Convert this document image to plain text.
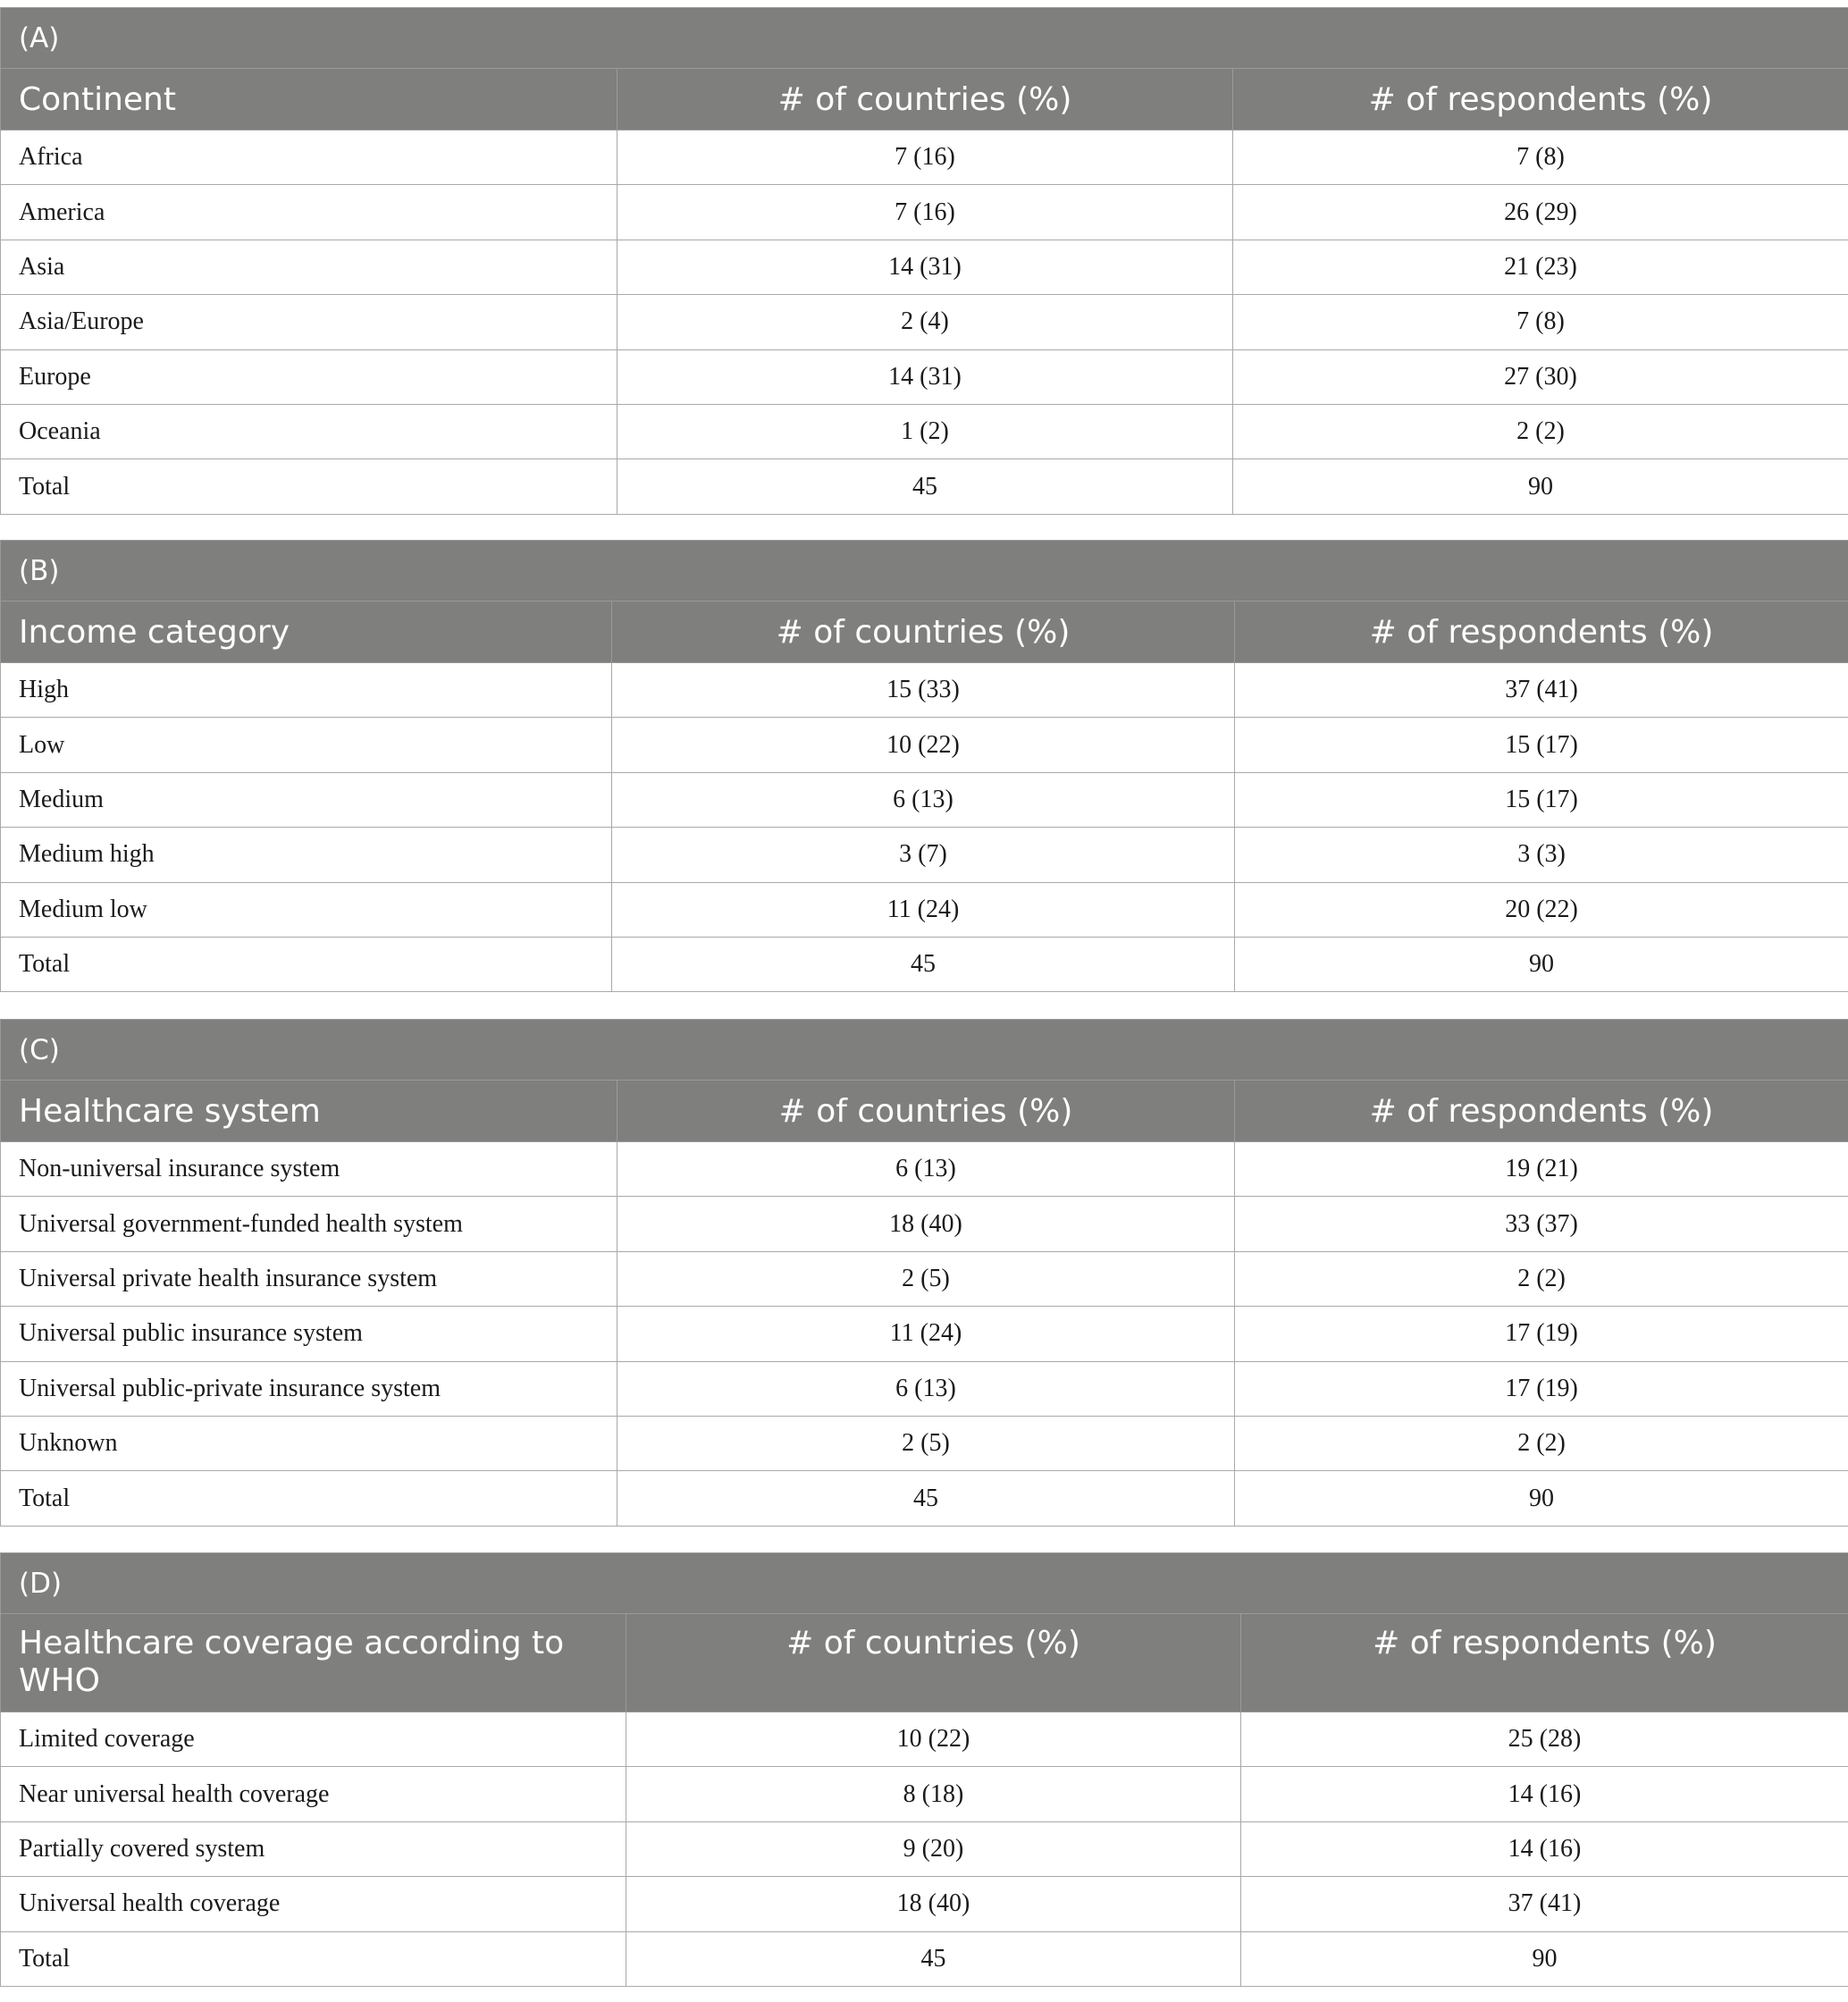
(A)		
Continent	# of countries (%)	# of respondents (%)
Africa	7 (16)	7 (8)
America	7 (16)	26 (29)
Asia	14 (31)	21 (23)
Asia/Europe	2 (4)	7 (8)
Europe	14 (31)	27 (30)
Oceania	1 (2)	2 (2)
Total	45	90
(B)		
Income category	# of countries (%)	# of respondents (%)
High	15 (33)	37 (41)
Low	10 (22)	15 (17)
Medium	6 (13)	15 (17)
Medium high	3 (7)	3 (3)
Medium low	11 (24)	20 (22)
Total	45	90
(C)		
Healthcare system	# of countries (%)	# of respondents (%)
Non-universal insurance system	6 (13)	19 (21)
Universal government-funded health system	18 (40)	33 (37)
Universal private health insurance system	2 (5)	2 (2)
Universal public insurance system	11 (24)	17 (19)
Universal public-private insurance system	6 (13)	17 (19)
Unknown	2 (5)	2 (2)
Total	45	90
(D)		
Healthcare coverage according to WHO	# of countries (%)	# of respondents (%)
Limited coverage	10 (22)	25 (28)
Near universal health coverage	8 (18)	14 (16)
Partially covered system	9 (20)	14 (16)
Universal health coverage	18 (40)	37 (41)
Total	45	90
